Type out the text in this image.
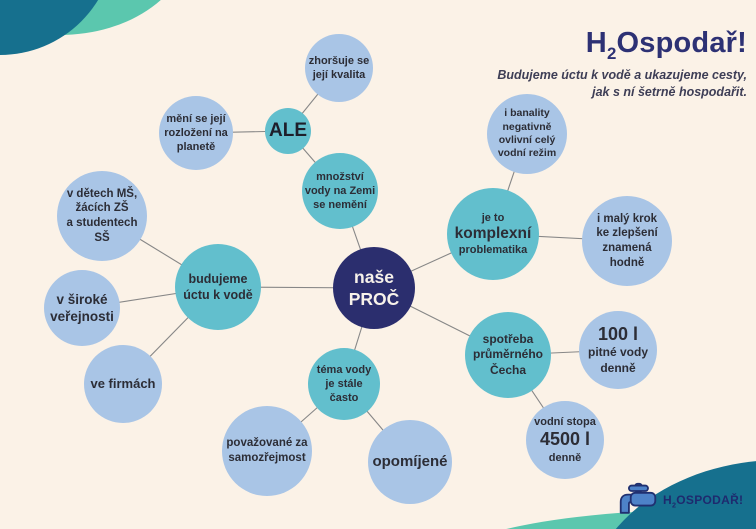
$H_2Ospodař$!
Budujeme úctu k vodě a ukazujeme cesty,
jak s ní šetrně hospodařit.
zhoršuje se
její kvalita
mění se její
rozložení na
planetě
ALE
množství
vody na Zemi
se nemění
i banality
negativně
ovlivní celý
vodní režim
je to
komplexní
problematika
i malý krok
ke zlepšení
znamená
hodně
v dětech MŠ,
žácích ZŠ
a studentech
SŠ
v široké
veřejnosti
ve firmách
budujeme
úctu k vodě
naše
PROČ
spotřeba
průměrného
Čecha
100 l
pitné vody
denně
vodní stopa
4500 l
denně
téma vody
je stále
často
považované za
samozřejmost	opomíjené
$H_2OSPODAŘ$!
